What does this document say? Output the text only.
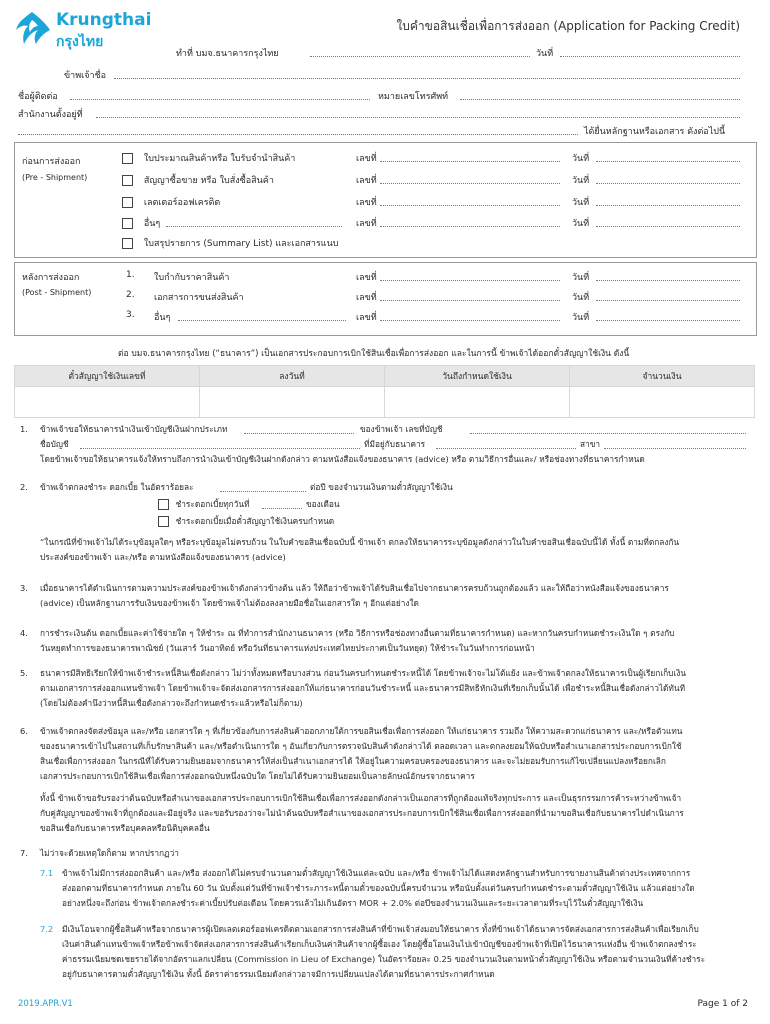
Krungthai
กรุงไทย
ใบคำขอสินเชื่อเพื่อการส่งออก (Application for Packing Credit)
ทำที่ บมจ.ธนาคารกรุงไทย	วันที่
ข้าพเจ้าชื่อ
ชื่อผู้ติดต่อ	หมายเลขโทรศัพท์
สำนักงานตั้งอยู่ที่
ได้ยื่นหลักฐานหรือเอกสาร ดังต่อไปนี้
ก่อนการส่งออก
(Pre - Shipment)
ใบประมาณสินค้าหรือ ใบรับจำนำสินค้า	เลขที่	วันที่
สัญญาซื้อขาย หรือ ใบสั่งซื้อสินค้า	เลขที่	วันที่
เลตเตอร์ออฟเครดิต	เลขที่	วันที่
อื่นๆ	เลขที่	วันที่
ใบสรุปรายการ (Summary List) และเอกสารแนบ
หลังการส่งออก
(Post - Shipment)
1. ใบกำกับราคาสินค้า	เลขที่	วันที่
2. เอกสารการขนส่งสินค้า	เลขที่	วันที่
3. อื่นๆ	เลขที่	วันที่
ต่อ บมจ.ธนาคารกรุงไทย (“ธนาคาร”) เป็นเอกสารประกอบการเบิกใช้สินเชื่อเพื่อการส่งออก และในการนี้ ข้าพเจ้าได้ออกตั๋วสัญญาใช้เงิน ดังนี้
ตั๋วสัญญาใช้เงินเลขที่	ลงวันที่	วันถึงกำหนดใช้เงิน	จำนวนเงิน

1. ข้าพเจ้าขอให้ธนาคารนำเงินเข้าบัญชีเงินฝากประเภท	ของข้าพเจ้า เลขที่บัญชี
ชื่อบัญชี	ที่มีอยู่กับธนาคาร	สาขา
โดยข้าพเจ้าขอให้ธนาคารแจ้งให้ทราบถึงการนำเงินเข้าบัญชีเงินฝากดังกล่าว ตามหนังสือแจ้งของธนาคาร (advice) หรือ ตามวิธีการอื่นและ/ หรือช่องทางที่ธนาคารกำหนด
2. ข้าพเจ้าตกลงชำระ ดอกเบี้ย ในอัตราร้อยละ	ต่อปี ของจำนวนเงินตามตั๋วสัญญาใช้เงิน
ชำระดอกเบี้ยทุกวันที่	ของเดือน
ชำระดอกเบี้ยเมื่อตั๋วสัญญาใช้เงินครบกำหนด
“ในกรณีที่ข้าพเจ้าไม่ได้ระบุข้อมูลใดๆ หรือระบุข้อมูลไม่ครบถ้วน ในใบคำขอสินเชื่อฉบับนี้ ข้าพเจ้า ตกลงให้ธนาคารระบุข้อมูลดังกล่าวในใบคำขอสินเชื่อฉบับนี้ได้ ทั้งนี้ ตามที่ตกลงกัน
ประสงค์ของข้าพเจ้า และ/หรือ ตามหนังสือแจ้งของธนาคาร (advice)
3. เมื่อธนาคารได้ดำเนินการตามความประสงค์ของข้าพเจ้าดังกล่าวข้างต้น แล้ว ให้ถือว่าข้าพเจ้าได้รับสินเชื่อไปจากธนาคารครบถ้วนถูกต้องแล้ว และให้ถือว่าหนังสือแจ้งของธนาคาร
(advice) เป็นหลักฐานการรับเงินของข้าพเจ้า โดยข้าพเจ้าไม่ต้องลงลายมือชื่อในเอกสารใด ๆ อีกแต่อย่างใด
4. การชำระเงินต้น ดอกเบี้ยและค่าใช้จ่ายใด ๆ ให้ชำระ ณ ที่ทำการสำนักงานธนาคาร (หรือ วิธีการหรือช่องทางอื่นตามที่ธนาคารกำหนด) และหากวันครบกำหนดชำระเงินใด ๆ ตรงกับ
วันหยุดทำการของธนาคารพาณิชย์ (วันเสาร์ วันอาทิตย์ หรือวันที่ธนาคารแห่งประเทศไทยประกาศเป็นวันหยุด) ให้ชำระในวันทำการก่อนหน้า
5. ธนาคารมีสิทธิเรียกให้ข้าพเจ้าชำระหนี้สินเชื่อดังกล่าว ไม่ว่าทั้งหมดหรือบางส่วน ก่อนวันครบกำหนดชำระหนี้ได้ โดยข้าพเจ้าจะไม่โต้แย้ง และข้าพเจ้าตกลงให้ธนาคารเป็นผู้เรียกเก็บเงิน
ตามเอกสารการส่งออกแทนข้าพเจ้า โดยข้าพเจ้าจะจัดส่งเอกสารการส่งออกให้แก่ธนาคารก่อนวันชำระหนี้ และธนาคารมีสิทธิหักเงินที่เรียกเก็บนั้นได้ เพื่อชำระหนี้สินเชื่อดังกล่าวได้ทันที
(โดยไม่ต้องคำนึงว่าหนี้สินเชื่อดังกล่าวจะถึงกำหนดชำระแล้วหรือไม่ก็ตาม)
6. ข้าพเจ้าตกลงจัดส่งข้อมูล และ/หรือ เอกสารใด ๆ ที่เกี่ยวข้องกับการส่งสินค้าออกภายใต้การขอสินเชื่อเพื่อการส่งออก ให้แก่ธนาคาร รวมถึง ให้ความสะดวกแก่ธนาคาร และ/หรือตัวแทน
ของธนาคารเข้าไปในสถานที่เก็บรักษาสินค้า และ/หรือดำเนินการใด ๆ อันเกี่ยวกับการตรวจนับสินค้าดังกล่าวได้ ตลอดเวลา และตกลงยอมให้ฉบับหรือสำเนาเอกสารประกอบการเบิกใช้
สินเชื่อเพื่อการส่งออก ในกรณีที่ได้รับความยินยอมจากธนาคารให้ส่งเป็นสำเนาเอกสารได้ ให้อยู่ในความครอบครองของธนาคาร และจะไม่ยอมรับการแก้ไขเปลี่ยนแปลงหรือยกเลิก
เอกสารประกอบการเบิกใช้สินเชื่อเพื่อการส่งออกฉบับหนึ่งฉบับใด โดยไม่ได้รับความยินยอมเป็นลายลักษณ์อักษรจากธนาคาร
ทั้งนี้ ข้าพเจ้าขอรับรองว่าต้นฉบับหรือสำเนาของเอกสารประกอบการเบิกใช้สินเชื่อเพื่อการส่งออกดังกล่าวเป็นเอกสารที่ถูกต้องแท้จริงทุกประการ และเป็นธุรกรรมการค้าระหว่างข้าพเจ้า
กับคู่สัญญาของข้าพเจ้าที่ถูกต้องและมีอยู่จริง และขอรับรองว่าจะไม่นำต้นฉบับหรือสำเนาของเอกสารประกอบการเบิกใช้สินเชื่อเพื่อการส่งออกที่นำมาขอสินเชื่อกับธนาคารไปดำเนินการ
ขอสินเชื่อกับธนาคารหรือบุคคลหรือนิติบุคคลอื่น
7. ไม่ว่าจะด้วยเหตุใดก็ตาม หากปรากฏว่า
7.1 ข้าพเจ้าไม่มีการส่งออกสินค้า และ/หรือ ส่งออกได้ไม่ครบจำนวนตามตั๋วสัญญาใช้เงินแต่ละฉบับ และ/หรือ ข้าพเจ้าไม่ได้แสดงหลักฐานสำหรับการขายงานสินค้าต่างประเทศจากการ
ส่งออกตามที่ธนาคารกำหนด ภายใน 60 วัน นับตั้งแต่วันที่ข้าพเจ้าชำระภาระหนี้ตามตั๋วของฉบับนี้ครบจำนวน หรือนับตั้งแต่วันครบกำหนดชำระตามตั๋วสัญญาใช้เงิน แล้วแต่อย่างใด
อย่างหนึ่งจะถึงก่อน ข้าพเจ้าตกลงชำระค่าเบี้ยปรับต่อเดือน โดยควรแล้วไม่เกินอัตรา MOR + 2.0% ต่อปีของจำนวนเงินและระยะเวลาตามที่ระบุไว้ในตั๋วสัญญาใช้เงิน
7.2 มีเงินโอนจากผู้ซื้อสินค้าหรือจากธนาคารผู้เปิดเลตเตอร์ออฟเครดิตตามเอกสารการส่งสินค้าที่ข้าพเจ้าส่งมอบให้ธนาคาร ทั้งที่ข้าพเจ้าได้ธนาคารจัดส่งเอกสารการส่งสินค้าเพื่อเรียกเก็บ
เงินค่าสินค้าแทนข้าพเจ้าหรือข้าพเจ้าจัดส่งเอกสารการส่งสินค้าเรียกเก็บเงินค่าสินค้าจากผู้ซื้อเอง โดยผู้ซื้อโอนเงินไปเข้าบัญชีของข้าพเจ้าที่เปิดไว้ธนาคารแห่งอื่น ข้าพเจ้าตกลงชำระ
ค่าธรรมเนียมชดเชยรายได้จากอัตราแลกเปลี่ยน (Commission in Lieu of Exchange) ในอัตราร้อยละ 0.25 ของจำนวนเงินตามหน้าตั๋วสัญญาใช้เงิน หรือตามจำนวนเงินที่ค้างชำระ
อยู่กับธนาคารตามตั๋วสัญญาใช้เงิน ทั้งนี้ อัตราค่าธรรมเนียมดังกล่าวอาจมีการเปลี่ยนแปลงได้ตามที่ธนาคารประกาศกำหนด
2019.APR.V1	Page 1 of 2
